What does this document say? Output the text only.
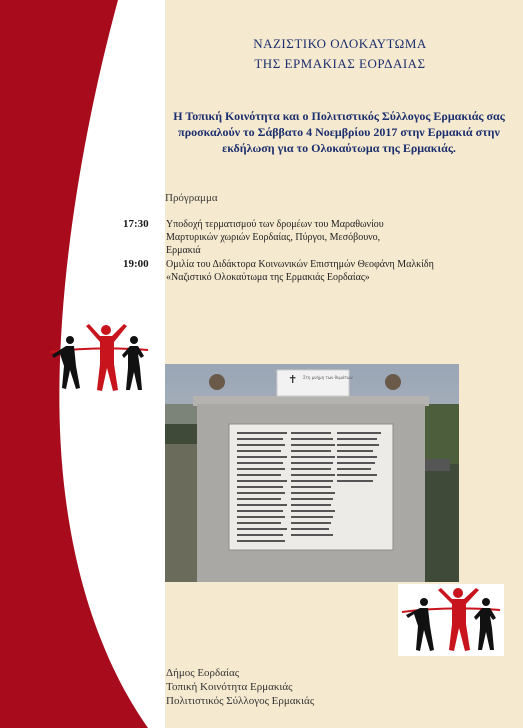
ΝΑΖΙΣΤΙΚΟ ΟΛΟΚΑΥΤΩΜΑ
ΤΗΣ ΕΡΜΑΚΙΑΣ ΕΟΡΔΑΙΑΣ
Η Τοπική Κοινότητα και ο Πολιτιστικός Σύλλογος Ερμακιάς σας προσκαλούν το Σάββατο 4 Νοεμβρίου 2017 στην Ερμακιά στην εκδήλωση για το Ολοκαύτωμα της Ερμακιάς.
Πρόγραμμα
17:30 Υποδοχή τερματισμού των δρομέων του Μαραθωνίου
Μαρτυρικών χωριών Εορδαίας, Πύργοι, Μεσόβουνο,
Ερμακιά
19:00 Ομιλία του Διδάκτορα Κοινωνικών Επιστημών Θεοφάνη Μαλκίδη
«Ναζιστικό Ολοκαύτωμα της Ερμακιάς Εορδαίας»
✝ Στη μνήμη των θυμάτων
Δήμος Εορδαίας
Τοπική Κοινότητα Ερμακιάς
Πολιτιστικός Σύλλογος Ερμακιάς
